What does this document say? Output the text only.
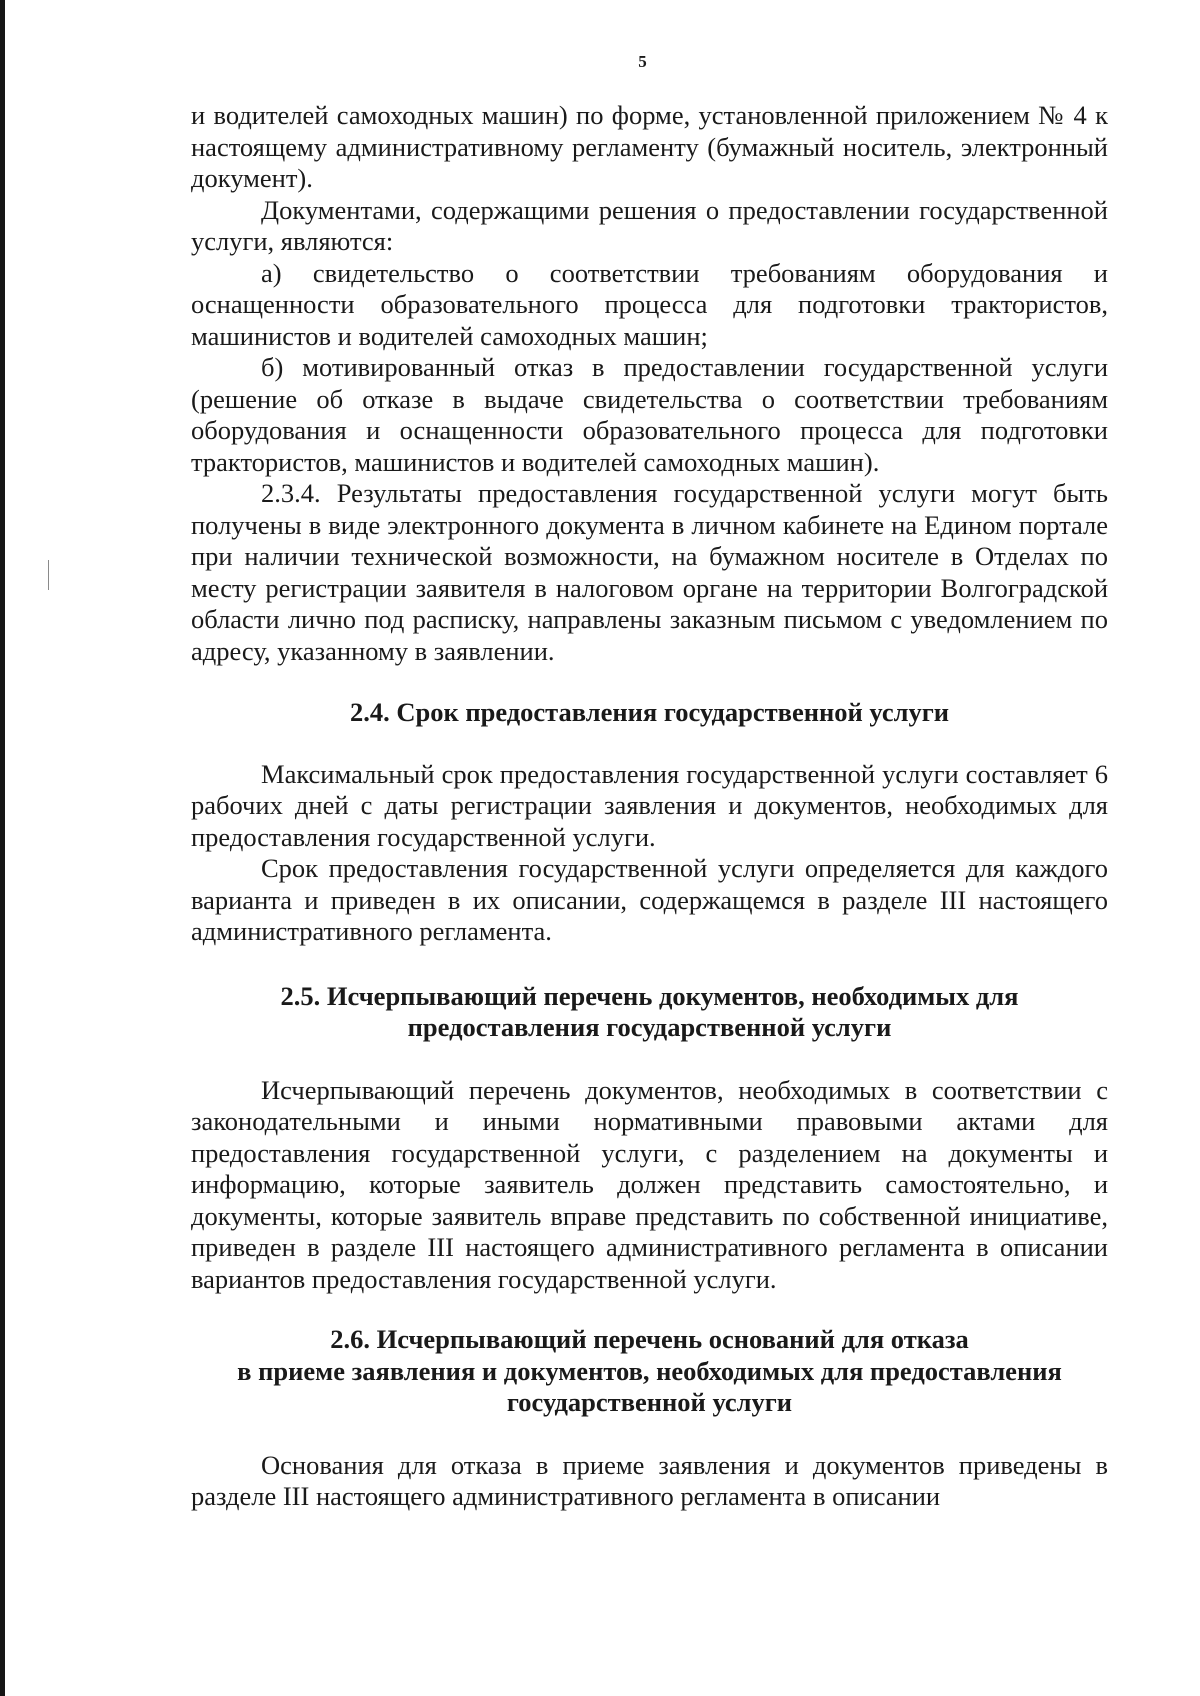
5

и водителей самоходных машин) по форме, установленной приложением № 4 к настоящему административному регламенту (бумажный носитель, электронный документ).

Документами, содержащими решения о предоставлении государственной услуги, являются:

а) свидетельство о соответствии требованиям оборудования и оснащенности образовательного процесса для подготовки трактористов, машинистов и водителей самоходных машин;

б) мотивированный отказ в предоставлении государственной услуги (решение об отказе в выдаче свидетельства о соответствии требованиям оборудования и оснащенности образовательного процесса для подготовки трактористов, машинистов и водителей самоходных машин).

2.3.4. Результаты предоставления государственной услуги могут быть получены в виде электронного документа в личном кабинете на Едином портале при наличии технической возможности, на бумажном носителе в Отделах по месту регистрации заявителя в налоговом органе на территории Волгоградской области лично под расписку, направлены заказным письмом с уведомлением по адресу, указанному в заявлении.

2.4. Срок предоставления государственной услуги

Максимальный срок предоставления государственной услуги составляет 6 рабочих дней с даты регистрации заявления и документов, необходимых для предоставления государственной услуги.

Срок предоставления государственной услуги определяется для каждого варианта и приведен в их описании, содержащемся в разделе III настоящего административного регламента.

2.5. Исчерпывающий перечень документов, необходимых для
предоставления государственной услуги

Исчерпывающий перечень документов, необходимых в соответствии с законодательными и иными нормативными правовыми актами для предоставления государственной услуги, с разделением на документы и информацию, которые заявитель должен представить самостоятельно, и документы, которые заявитель вправе представить по собственной инициативе, приведен в разделе III настоящего административного регламента в описании вариантов предоставления государственной услуги.

2.6. Исчерпывающий перечень оснований для отказа
в приеме заявления и документов, необходимых для предоставления
государственной услуги

Основания для отказа в приеме заявления и документов приведены в разделе III настоящего административного регламента в описании
